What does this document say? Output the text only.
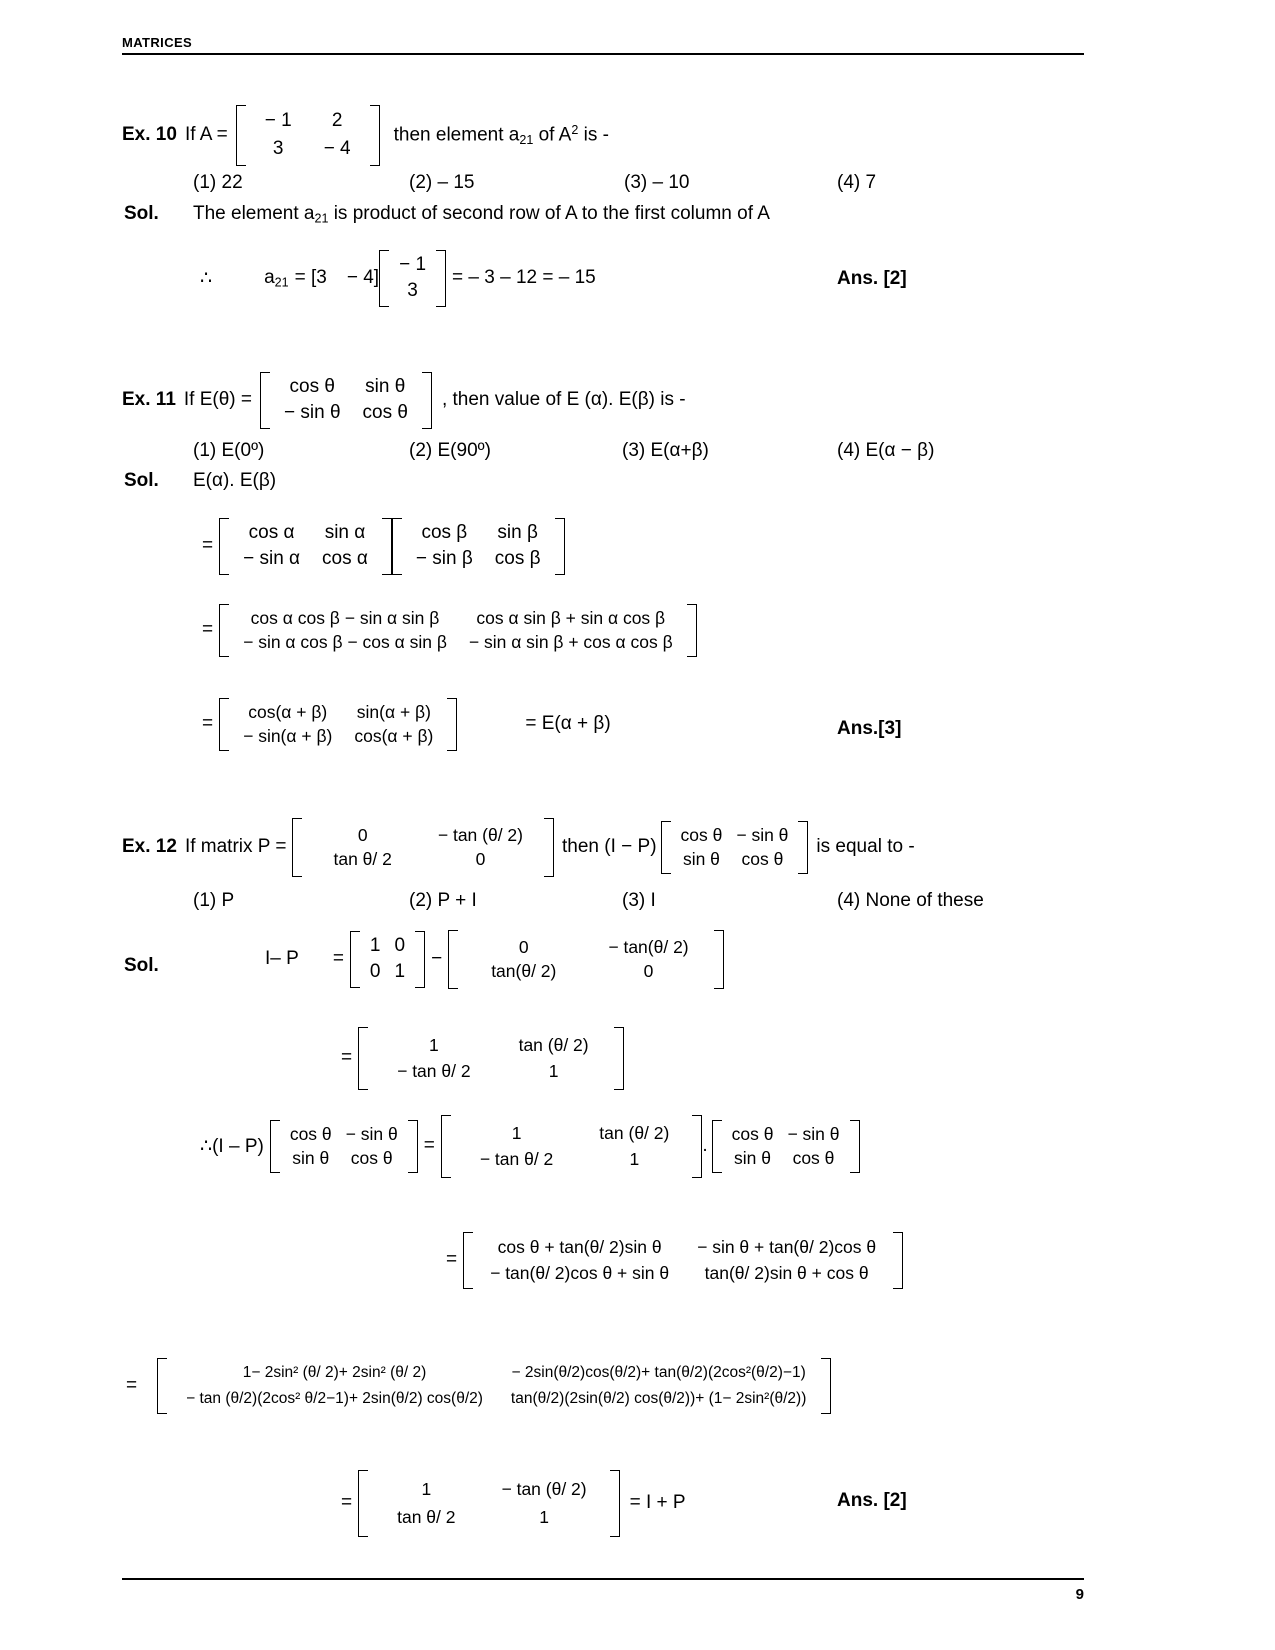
MATRICES
Ex. 10 If A =
− 1	2
3	− 4
then element $a_{21}$ of $A^2$ is -
(1) 22	(2) – 15	(3) – 10	(4) 7
Sol. The element $a_{21}$ is product of second row of A to the first column of A
∴	$a_{21} = [3 - 4]$
− 1
3
= – 3 – 12 = – 15	Ans. [2]
Ex. 11 If E(θ) =
cos θ	sin θ
− sin θ	cos θ
, then value of E (α). E(β) is -
(1) E(0º)	(2) E(90º)	(3) E(α+β)	(4) E(α − β)
Sol. E(α). E(β)
=
cos α	sin α
− sin α	cos α
cos β	sin β
− sin β	cos β
=
cos α cos β − sin α sin β	cos α sin β + sin α cos β
− sin α cos β − cos α sin β	− sin α sin β + cos α cos β
=
cos(α + β)	sin(α + β)
− sin(α + β)	cos(α + β)
= E(α + β)	Ans.[3]
Ex. 12 If matrix P =
0	− tan (θ/ 2)
tan θ/ 2	0
then (I − P)
cos θ	− sin θ
sin θ	cos θ
is equal to -
(1) P	(2) P + I	(3) I	(4) None of these
Sol.	I– P	=
1	0
0	1
−
0	− tan(θ/ 2)
tan(θ/ 2)	0
=
1	tan (θ/ 2)
− tan θ/ 2	1
∴(I – P)
cos θ	− sin θ
sin θ	cos θ
=
1	tan (θ/ 2)
− tan θ/ 2	1
.
cos θ	− sin θ
sin θ	cos θ
=
cos θ + tan(θ/ 2)sin θ	− sin θ + tan(θ/ 2)cos θ
− tan(θ/ 2)cos θ + sin θ	tan(θ/ 2)sin θ + cos θ
=
1− 2sin² (θ/ 2)+ 2sin² (θ/ 2)	− 2sin(θ/2)cos(θ/2)+ tan(θ/2)(2cos²(θ/2)−1)
− tan (θ/2)(2cos² θ/2−1)+ 2sin(θ/2) cos(θ/2)	tan(θ/2)(2sin(θ/2) cos(θ/2))+ (1− 2sin²(θ/2))
=
1	− tan (θ/ 2)
tan θ/ 2	1
= I + P	Ans. [2]
9
